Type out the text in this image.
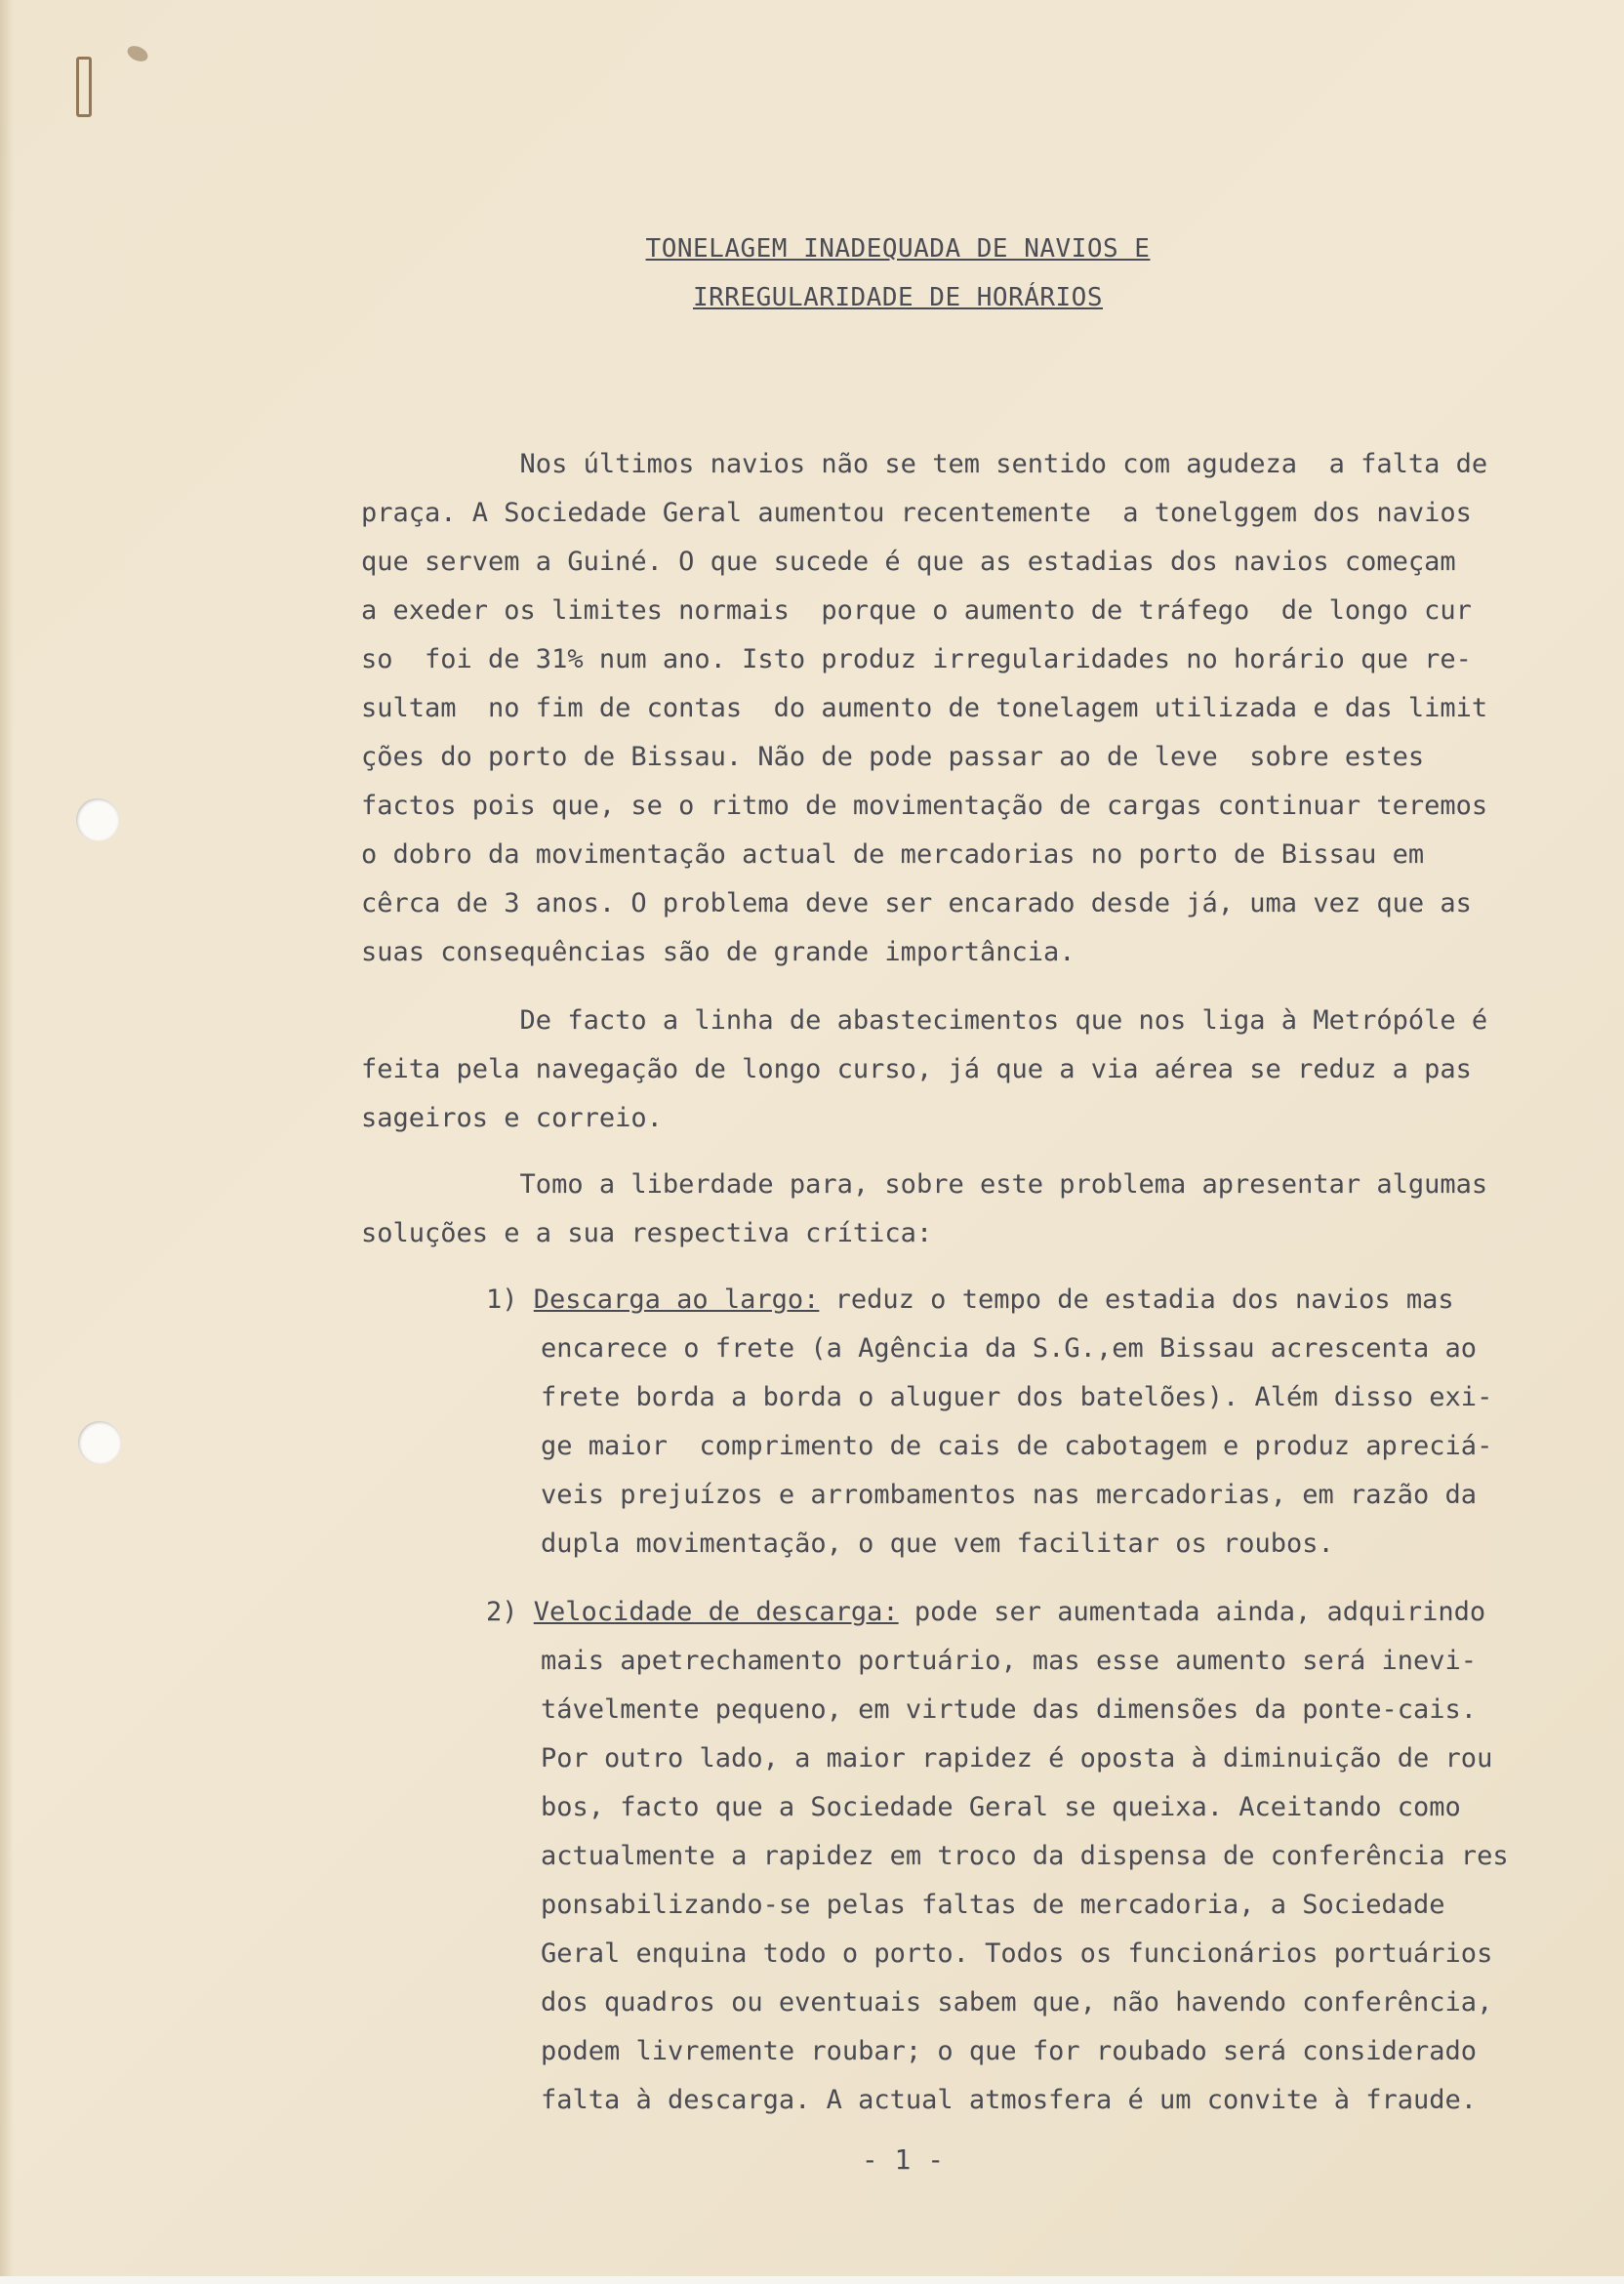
TONELAGEM INADEQUADA DE NAVIOS E
IRREGULARIDADE DE HORÁRIOS
Nos últimos navios não se tem sentido com agudeza  a falta de
praça. A Sociedade Geral aumentou recentemente  a tonelggem dos navios
que servem a Guiné. O que sucede é que as estadias dos navios começam
a exeder os limites normais  porque o aumento de tráfego  de longo cur
so  foi de 31% num ano. Isto produz irregularidades no horário que re-
sultam  no fim de contas  do aumento de tonelagem utilizada e das limit
ções do porto de Bissau. Não de pode passar ao de leve  sobre estes
factos pois que, se o ritmo de movimentação de cargas continuar teremos
o dobro da movimentação actual de mercadorias no porto de Bissau em
cêrca de 3 anos. O problema deve ser encarado desde já, uma vez que as
suas consequências são de grande importância.
De facto a linha de abastecimentos que nos liga à Metrópóle é
feita pela navegação de longo curso, já que a via aérea se reduz a pas
sageiros e correio.
Tomo a liberdade para, sobre este problema apresentar algumas
soluções e a sua respectiva crítica:
1) Descarga ao largo: reduz o tempo de estadia dos navios mas
encarece o frete (a Agência da S.G.,em Bissau acrescenta ao
frete borda a borda o aluguer dos batelões). Além disso exi-
ge maior  comprimento de cais de cabotagem e produz apreciá-
veis prejuízos e arrombamentos nas mercadorias, em razão da
dupla movimentação, o que vem facilitar os roubos.
2) Velocidade de descarga: pode ser aumentada ainda, adquirindo
mais apetrechamento portuário, mas esse aumento será inevi-
távelmente pequeno, em virtude das dimensões da ponte-cais.
Por outro lado, a maior rapidez é oposta à diminuição de rou
bos, facto que a Sociedade Geral se queixa. Aceitando como
actualmente a rapidez em troco da dispensa de conferência res
ponsabilizando-se pelas faltas de mercadoria, a Sociedade
Geral enquina todo o porto. Todos os funcionários portuários
dos quadros ou eventuais sabem que, não havendo conferência,
podem livremente roubar; o que for roubado será considerado
falta à descarga. A actual atmosfera é um convite à fraude.
- 1 -
